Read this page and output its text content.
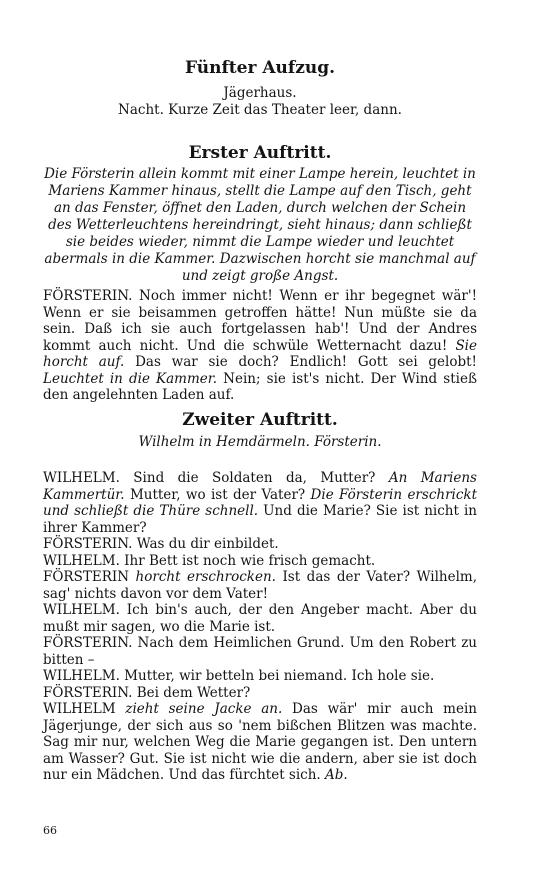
Fünfter Aufzug.
Jägerhaus.
Nacht. Kurze Zeit das Theater leer, dann.
Erster Auftritt.
Die Försterin allein kommt mit einer Lampe herein, leuchtet in Mariens Kammer hinaus, stellt die Lampe auf den Tisch, geht an das Fenster, öffnet den Laden, durch welchen der Schein des Wetterleuchtens hereindringt, sieht hinaus; dann schließt sie beides wieder, nimmt die Lampe wieder und leuchtet abermals in die Kammer. Dazwischen horcht sie manchmal auf und zeigt große Angst.

FÖRSTERIN. Noch immer nicht! Wenn er ihr begegnet wär'! Wenn er sie beisammen getroffen hätte! Nun müßte sie da sein. Daß ich sie auch fortgelassen hab'! Und der Andres kommt auch nicht. Und die schwüle Wetternacht dazu! Sie horcht auf. Das war sie doch? Endlich! Gott sei gelobt! Leuchtet in die Kammer. Nein; sie ist's nicht. Der Wind stieß den angelehnten Laden auf.

Zweiter Auftritt.
Wilhelm in Hemdärmeln. Försterin.

WILHELM. Sind die Soldaten da, Mutter? An Mariens Kammertür. Mutter, wo ist der Vater? Die Försterin erschrickt und schließt die Thüre schnell. Und die Marie? Sie ist nicht in ihrer Kammer?

FÖRSTERIN. Was du dir einbildet.

WILHELM. Ihr Bett ist noch wie frisch gemacht.

FÖRSTERIN horcht erschrocken. Ist das der Vater? Wilhelm, sag' nichts davon vor dem Vater!

WILHELM. Ich bin's auch, der den Angeber macht. Aber du mußt mir sagen, wo die Marie ist.

FÖRSTERIN. Nach dem Heimlichen Grund. Um den Robert zu bitten –

WILHELM. Mutter, wir betteln bei niemand. Ich hole sie.

FÖRSTERIN. Bei dem Wetter?

WILHELM zieht seine Jacke an. Das wär' mir auch mein Jägerjunge, der sich aus so 'nem bißchen Blitzen was machte. Sag mir nur, welchen Weg die Marie gegangen ist. Den untern am Wasser? Gut. Sie ist nicht wie die andern, aber sie ist doch nur ein Mädchen. Und das fürchtet sich. Ab.

66
